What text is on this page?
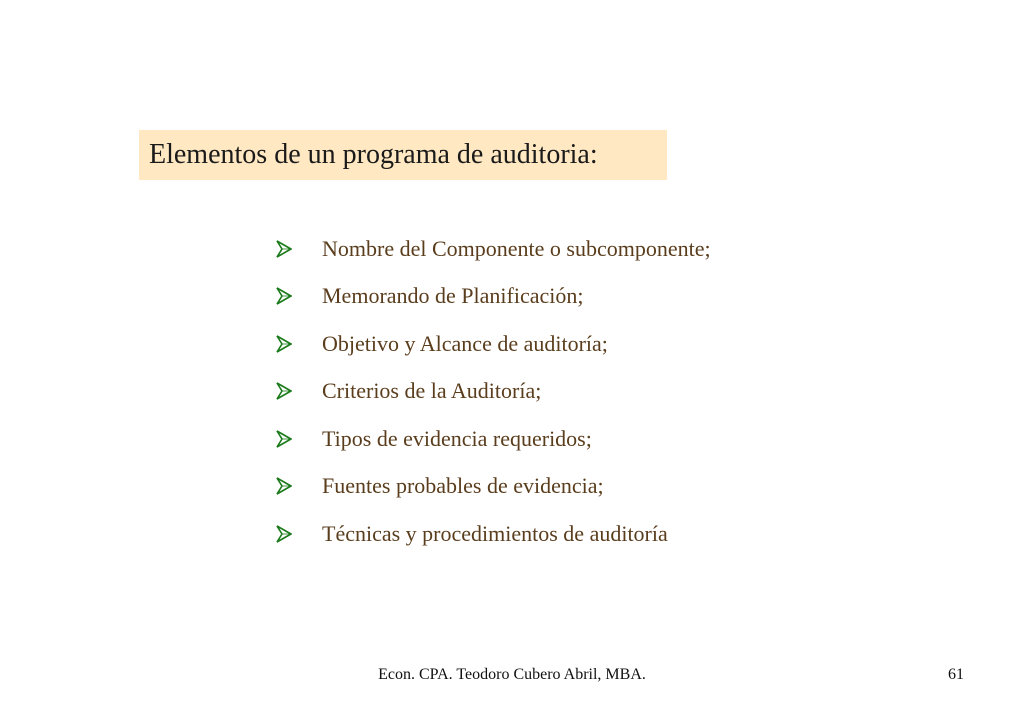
Elementos de un programa de auditoria:
Nombre del Componente o subcomponente;
Memorando de Planificación;
Objetivo y Alcance de auditoría;
Criterios de la Auditoría;
Tipos de evidencia requeridos;
Fuentes probables de evidencia;
Técnicas y procedimientos de auditoría
Econ. CPA. Teodoro Cubero Abril, MBA.	61
